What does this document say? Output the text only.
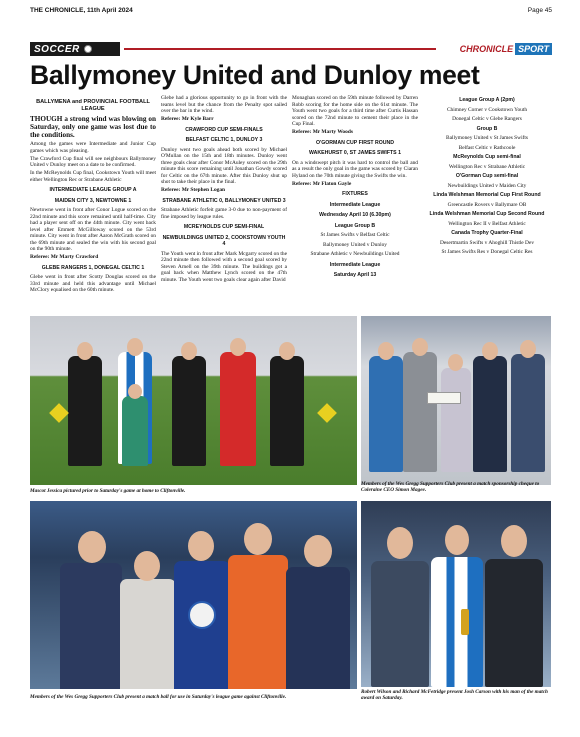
THE CHRONICLE, 11th April 2024	Page 45
SOCCER	CHRONICLE SPORT
Ballymoney United and Dunloy meet
BALLYMENA and PROVINCIAL FOOTBALL LEAGUE

THOUGH a strong wind was blowing on Saturday, only one game was lost due to the conditions.

Among the games were Intermediate and Junior Cup games which was pleasing.

The Crawford Cup final will see neighbours Ballymoney United v Dunloy meet on a date to be confirmed.

In the McReynolds Cup final, Cookstown Youth will meet either Wellington Rec or Strabane Athletic

INTERMEDIATE LEAGUE GROUP A
MAIDEN CITY 3, NEWTOWNE 1

Newtowne went in front after Conor Logue scored on the 22nd minute and this score remained until half-time. City had a player sent off on the 44th minute. City went back level after Emmett McGilloway scored on the 53rd minute. City went in front after Aaron McGrath scored on the 69th minute and sealed the win with his second goal on the 90th minute.

Referee: Mr Marty Crawford

GLEBE RANGERS 1, DONEGAL CELTIC 1

Glebe went in front after Scotty Douglas scored on the 33rd minute and held this advantage until Michael McClory equalised on the 60th minute.

Glebe had a glorious opportunity to go in front with the teams level but the chance from the Penalty spot sailed over the bar in the wind.

Referee: Mr Kyle Barr

CRAWFORD CUP SEMI-FINALS
BELFAST CELTIC 1, DUNLOY 3

Dunloy went two goals ahead both scored by Michael O'Mullan on the 15th and 18th minutes. Dunloy went three goals clear after Conor McAuley scored on the 29th minute this score remaining until Jonathan Gowdy scored for Celtic on the 67th minute. After this Dunloy shut up shot to take their place in the final.

Referee: Mr Stephen Logan

STRABANE ATHLETIC 0, BALLYMONEY UNITED 3

Strabane Athletic forfeit game 3-0 due to non-payment of fine imposed by league rules.

MCREYNOLDS CUP SEMI-FINAL
NEWBUILDINGS UNITED 2, COOKSTOWN YOUTH 4

The Youth went in front after Mark Mcgarry scored on the 22nd minute then followed with a second goal scored by Steven Arnell on the 39th minute. The buildings got a goal back when Matthew Lynch scored on the 47th minute. The Youth went two goals clear again after David

Monaghan scored on the 59th minute followed by Darren Robb scoring for the home side on the 61st minute. The Youth went two goals for a third time after Curtis Hassan scored on the 72nd minute to cement their place in the Cup Final.

Referee: Mr Marty Woods

O'GORMAN CUP FIRST ROUND
WAKEHURST 0, ST JAMES SWIFTS 1

On a windswept pitch it was hard to control the ball and as a result the only goal in the game was scored by Ciaran Hyland on the 70th minute giving the Swifts the win.

Referee: Mr Flaton Gayle

FIXTURES
Intermediate League
Wednesday April 10 (6.30pm)
League Group B

St James Swifts v Belfast Celtic

Ballymoney United v Dunloy

Strabane Athletic v Newbuildings United

Intermediate League
Saturday April 13
League Group A (2pm)

Chimney Corner v Cookstown Youth

Donegal Celtic v Glebe Rangers

Group B

Ballymoney United v St James Swifts

Belfast Celtic v Rathcoole

McReynolds Cup semi-final

Wellington Rec v Strabane Athletic

O'Gorman Cup semi-final

Newbuildings United v Maiden City

Linda Welshman Memorial Cup First Round

Greencastle Rovers v Ballymare OB

Linda Welshman Memorial Cup Second Round

Wellington Rec II v Belfast Athletic

Canada Trophy Quarter-Final

Desertmartin Swifts v Ahoghill Thistle Dev

St James Swifts Res v Donegal Celtic Res

Mascot Jessica pictured prior to Saturday's game at home to Cliftonville.
Members of the Wes Gregg Supporters Club present a match sponsorship cheque to Coleraine CEO Simon Magee.
Members of the Wes Gregg Supporters Club present a match ball for use in Saturday's league game against Cliftonville.
Robert Wilson and Richard McFetridge present Josh Carson with his man of the match award on Saturday.
